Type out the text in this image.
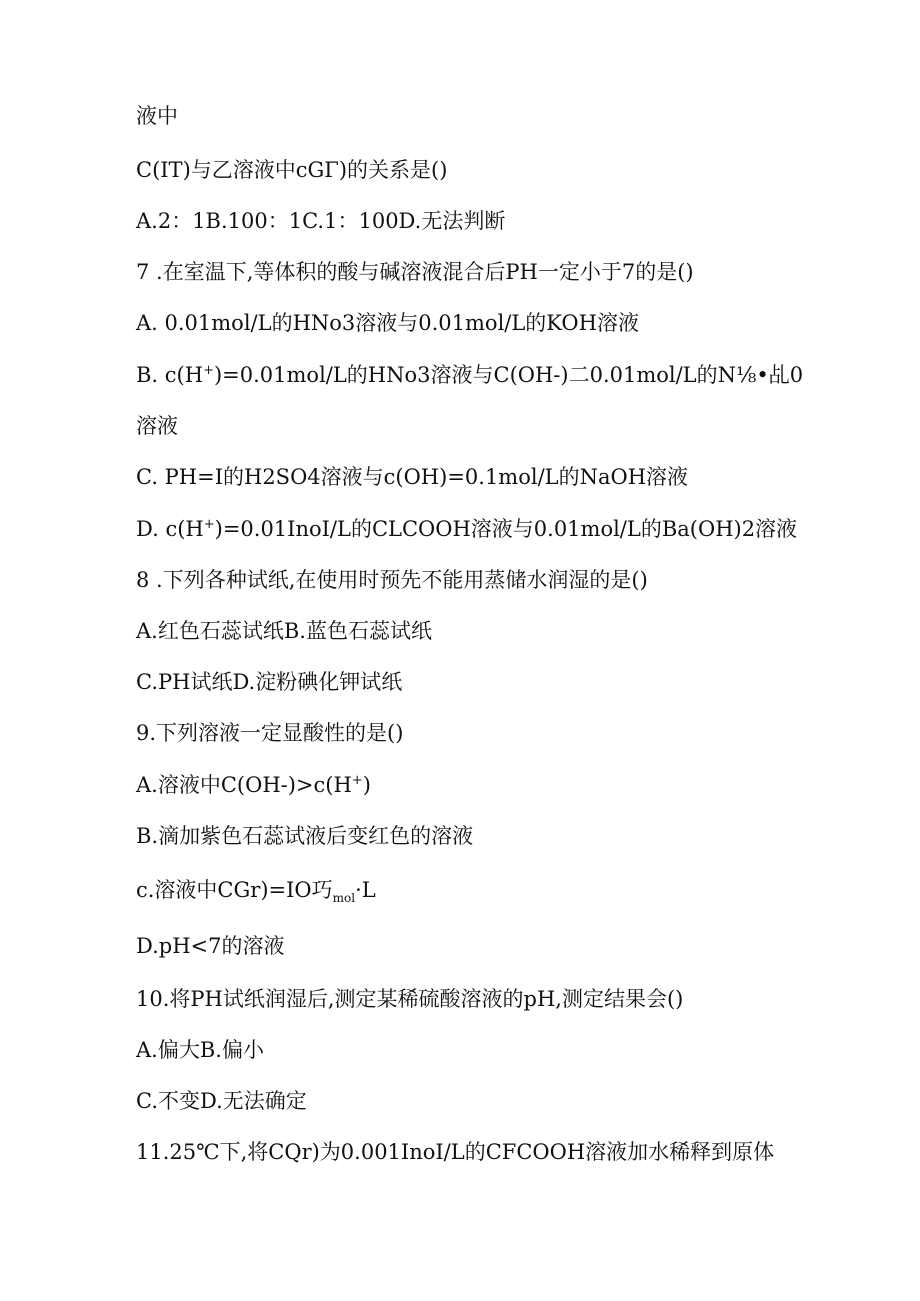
液中
C(IT)与乙溶液中cGΓ)的关系是()
A.2：1B.100：1C.1：100D.无法判断
7 .在室温下,等体积的酸与碱溶液混合后PH一定小于7的是()
A. 0.01mol/L的HNo3溶液与0.01mol/L的KOH溶液
B. c(H+)=0.01mol/L的HNo3溶液与C(OH-)二0.01mol/L的N⅛•乩0
溶液
C. PH=I的H2SO4溶液与c(OH)=0.1mol/L的NaOH溶液
D. c(H+)=0.01InoI/L的CLCOOH溶液与0.01mol/L的Ba(OH)2溶液
8 .下列各种试纸,在使用时预先不能用蒸储水润湿的是()
A.红色石蕊试纸B.蓝色石蕊试纸
C.PH试纸D.淀粉碘化钾试纸
9.下列溶液一定显酸性的是()
A.溶液中C(OH-)>c(H+)
B.滴加紫色石蕊试液后变红色的溶液
c.溶液中CGr)=IO巧$_{mol}$·L
D.pH<7的溶液
10.将PH试纸润湿后,测定某稀硫酸溶液的pH,测定结果会()
A.偏大B.偏小
C.不变D.无法确定
11.25℃下,将CQr)为0.001InoI/L的CFCOOH溶液加水稀释到原体
